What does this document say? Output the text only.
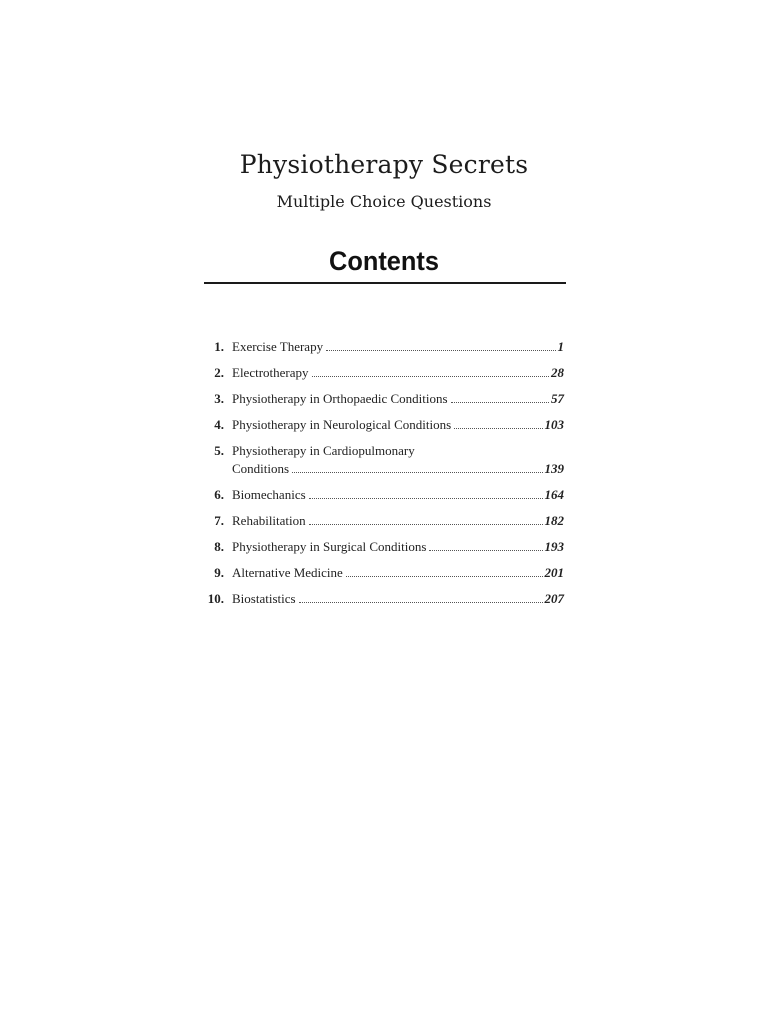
Physiotherapy Secrets
Multiple Choice Questions
Contents
1. Exercise Therapy	1
2. Electrotherapy	28
3. Physiotherapy in Orthopaedic Conditions	57
4. Physiotherapy in Neurological Conditions	103
5. Physiotherapy in Cardiopulmonary
Conditions	139
6. Biomechanics	164
7. Rehabilitation	182
8. Physiotherapy in Surgical Conditions	193
9. Alternative Medicine	201
10. Biostatistics	207
